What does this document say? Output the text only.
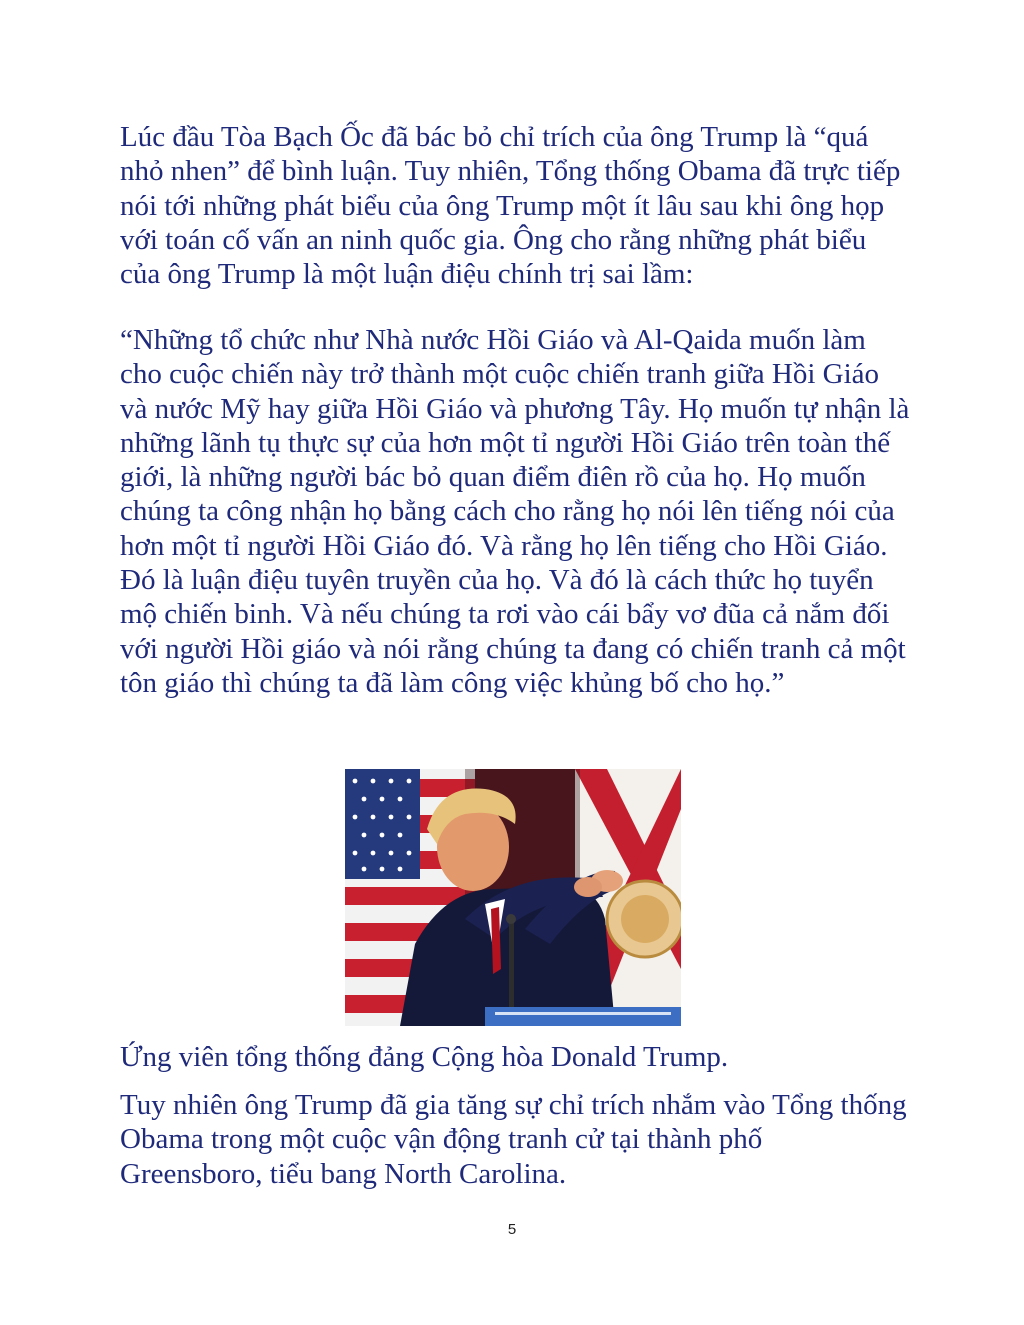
Lúc đầu Tòa Bạch Ốc đã bác bỏ chỉ trích của ông Trump là “quá nhỏ nhen” để bình luận. Tuy nhiên, Tổng thống Obama đã trực tiếp nói tới những phát biểu của ông Trump một ít lâu sau khi ông họp với toán cố vấn an ninh quốc gia. Ông cho rằng những phát biểu của ông Trump là một luận điệu chính trị sai lầm:

“Những tổ chức như Nhà nước Hồi Giáo và Al-Qaida muốn làm cho cuộc chiến này trở thành một cuộc chiến tranh giữa Hồi Giáo và nước Mỹ hay giữa Hồi Giáo và phương Tây. Họ muốn tự nhận là những lãnh tụ thực sự của hơn một tỉ người Hồi Giáo trên toàn thế giới, là những người bác bỏ quan điểm điên rồ của họ. Họ muốn chúng ta công nhận họ bằng cách cho rằng họ nói lên tiếng nói của hơn một tỉ người Hồi Giáo đó. Và rằng họ lên tiếng cho Hồi Giáo. Đó là luận điệu tuyên truyền của họ. Và đó là cách thức họ tuyển mộ chiến binh. Và nếu chúng ta rơi vào cái bẩy vơ đũa cả nắm đối với người Hồi giáo và nói rằng chúng ta đang có chiến tranh cả một tôn giáo thì chúng ta đã làm công việc khủng bố cho họ.”

Ứng viên tổng thống đảng Cộng hòa Donald Trump.

Tuy nhiên ông Trump đã gia tăng sự chỉ trích nhắm vào Tổng thống Obama trong một cuộc vận động tranh cử tại thành phố Greensboro, tiểu bang North Carolina.

5
